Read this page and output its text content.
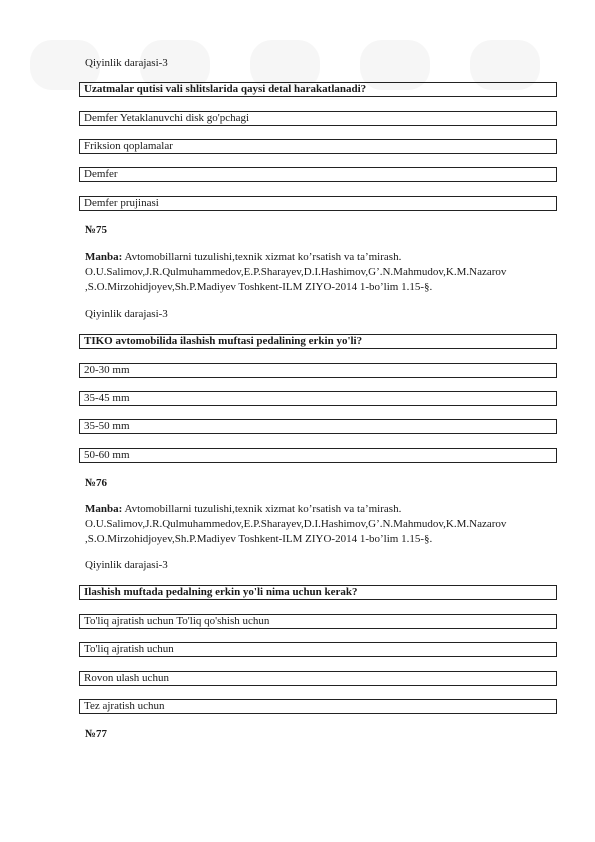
Qiyinlik darajasi-3
Uzatmalar qutisi vali shlitslarida qaysi detal harakatlanadi?
Demfer Yetaklanuvchi disk go'pchagi
Friksion qoplamalar
Demfer
Demfer prujinasi
№75
Manba: Avtomobillarni tuzulishi,texnik xizmat ko’rsatish va ta’mirash.
O.U.Salimov,J.R.Qulmuhammedov,E.P.Sharayev,D.I.Hashimov,G’.N.Mahmudov,K.M.Nazarov
,S.O.Mirzohidjoyev,Sh.P.Madiyev Toshkent-ILM ZIYO-2014 1-bo’lim 1.15-§.
Qiyinlik darajasi-3
TIKO avtomobilida ilashish muftasi pedalining erkin yo'li?
20-30 mm
35-45 mm
35-50 mm
50-60 mm
№76
Manba: Avtomobillarni tuzulishi,texnik xizmat ko’rsatish va ta’mirash.
O.U.Salimov,J.R.Qulmuhammedov,E.P.Sharayev,D.I.Hashimov,G’.N.Mahmudov,K.M.Nazarov
,S.O.Mirzohidjoyev,Sh.P.Madiyev Toshkent-ILM ZIYO-2014 1-bo’lim 1.15-§.
Qiyinlik darajasi-3
Ilashish muftada pedalning erkin yo'li nima uchun kerak?
To'liq ajratish uchun To'liq qo'shish uchun
To'liq ajratish uchun
Rovon ulash uchun
Tez ajratish uchun
№77
